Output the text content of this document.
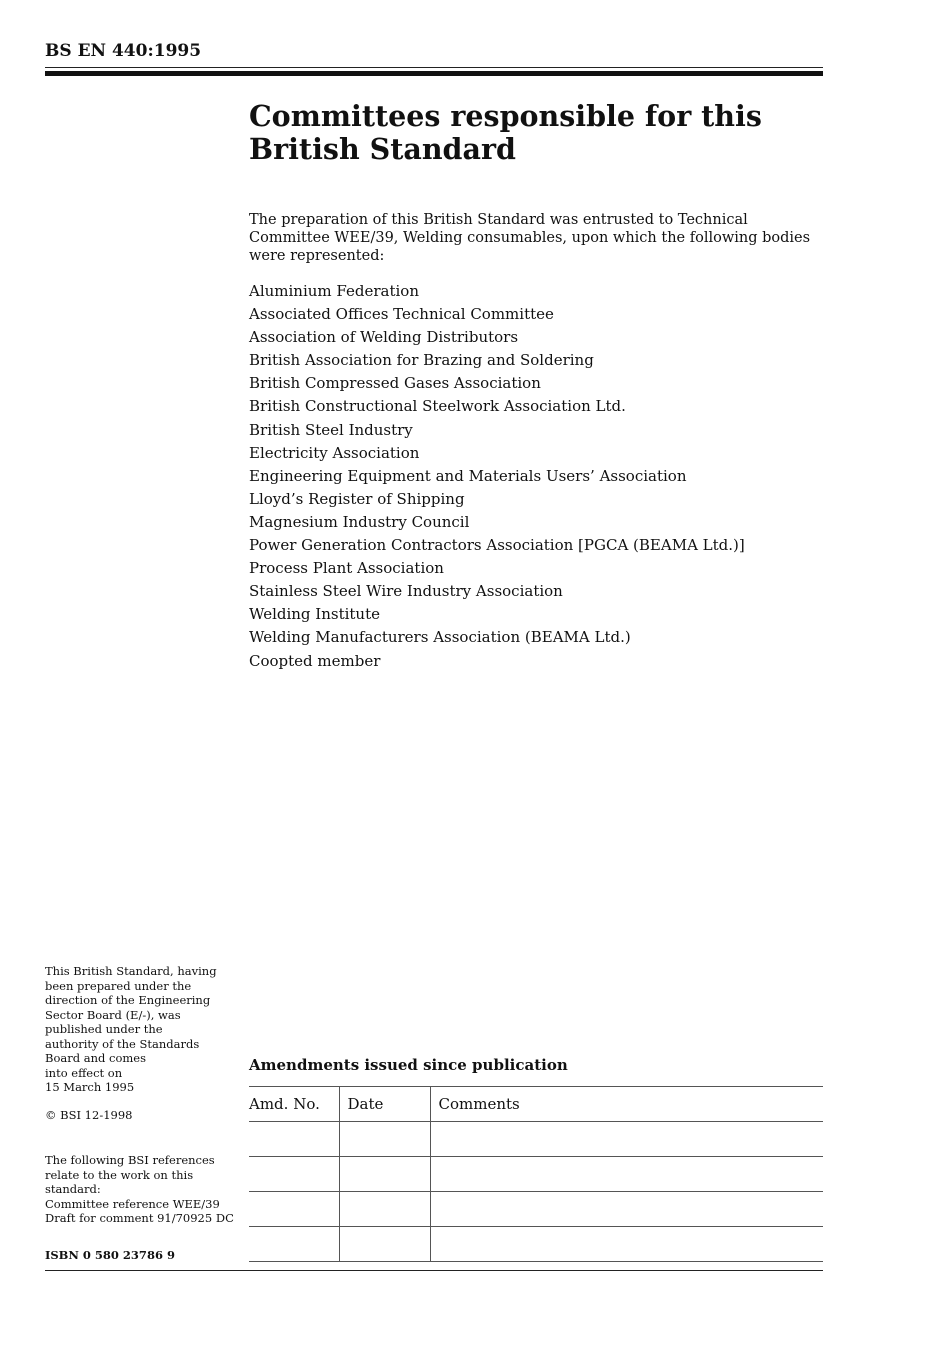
BS EN 440:1995
Committees responsible for this
British Standard

The preparation of this British Standard was entrusted to Technical Committee WEE/39, Welding consumables, upon which the following bodies were represented:

Aluminium Federation
Associated Offices Technical Committee
Association of Welding Distributors
British Association for Brazing and Soldering
British Compressed Gases Association
British Constructional Steelwork Association Ltd.
British Steel Industry
Electricity Association
Engineering Equipment and Materials Users’ Association
Lloyd’s Register of Shipping
Magnesium Industry Council
Power Generation Contractors Association [PGCA (BEAMA Ltd.)]
Process Plant Association
Stainless Steel Wire Industry Association
Welding Institute
Welding Manufacturers Association (BEAMA Ltd.)
Coopted member
This British Standard, having
been prepared under the
direction of the Engineering
Sector Board (E/-), was
published under the
authority of the Standards
Board and comes
into effect on
15 March 1995
© BSI 12-1998
The following BSI references
relate to the work on this
standard:
Committee reference WEE/39
Draft for comment 91/70925 DC
ISBN 0 580 23786 9
Amendments issued since publication
Amd. No.	Date	Comments
